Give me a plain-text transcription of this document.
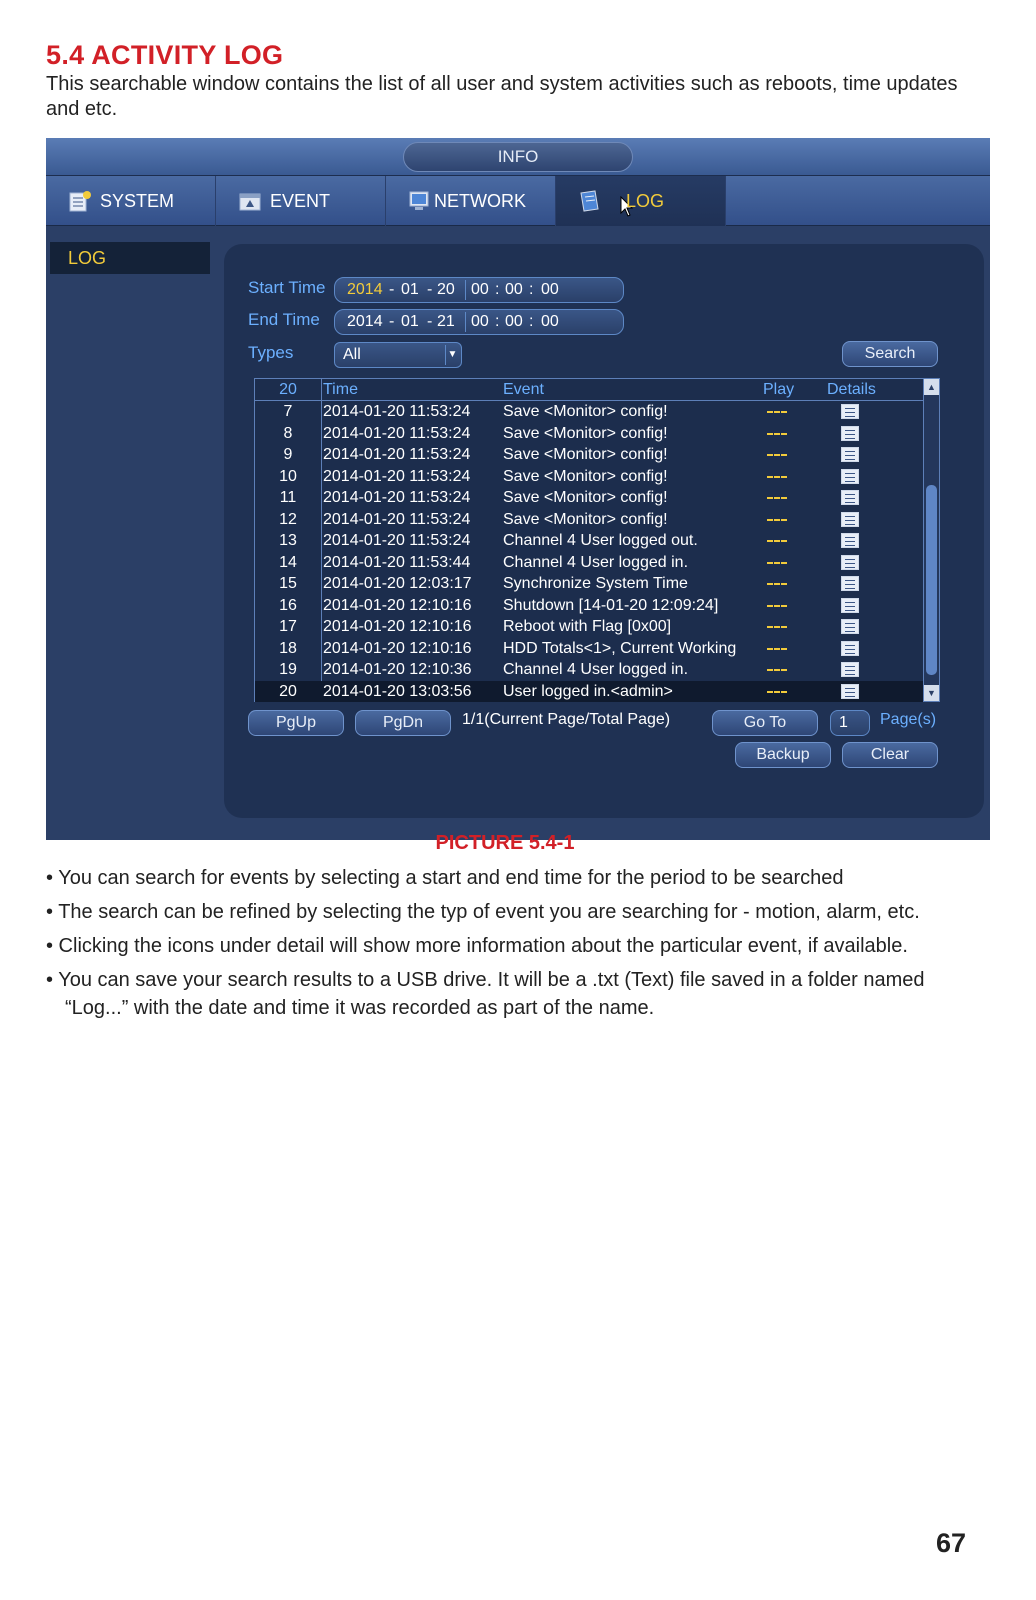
5.4 ACTIVITY LOG
This searchable window contains the list of all user and system activities such as reboots, time updates and etc.
INFO
SYSTEM	EVENT	NETWORK	LOG
LOG
Start Time 2014 - 01 - 20 00 : 00 : 00
End Time 2014 - 01 - 21 00 : 00 : 00
Types	All	▼	Search
20	Time	Event	Play Details
7	2014-01-20 11:53:24 Save <Monitor> config!
8	2014-01-20 11:53:24 Save <Monitor> config!
9	2014-01-20 11:53:24 Save <Monitor> config!
10	2014-01-20 11:53:24 Save <Monitor> config!
11	2014-01-20 11:53:24 Save <Monitor> config!
12	2014-01-20 11:53:24 Save <Monitor> config!
13	2014-01-20 11:53:24 Channel 4 User logged out.
14	2014-01-20 11:53:44 Channel 4 User logged in.
15	2014-01-20 12:03:17 Synchronize System Time
16	2014-01-20 12:10:16 Shutdown [14-01-20 12:09:24]
17	2014-01-20 12:10:16 Reboot with Flag [0x00]
18	2014-01-20 12:10:16 HDD Totals<1>, Current Working
19	2014-01-20 12:10:36 Channel 4 User logged in.
20	2014-01-20 13:03:56 User logged in.<admin>
▲
▼
PgUp	PgDn	1/1(Current Page/Total Page)	Go To	1 Page(s)
Backup	Clear
PICTURE 5.4-1

• You can search for events by selecting a start and end time for the period to be searched

• The search can be refined by selecting the typ of event you are searching for - motion, alarm, etc.

• Clicking the icons under detail will show more information about the particular event, if available.

• You can save your search results to a USB drive. It will be a .txt (Text) file saved in a folder named

“Log...” with the date and time it was recorded as part of the name.

67
